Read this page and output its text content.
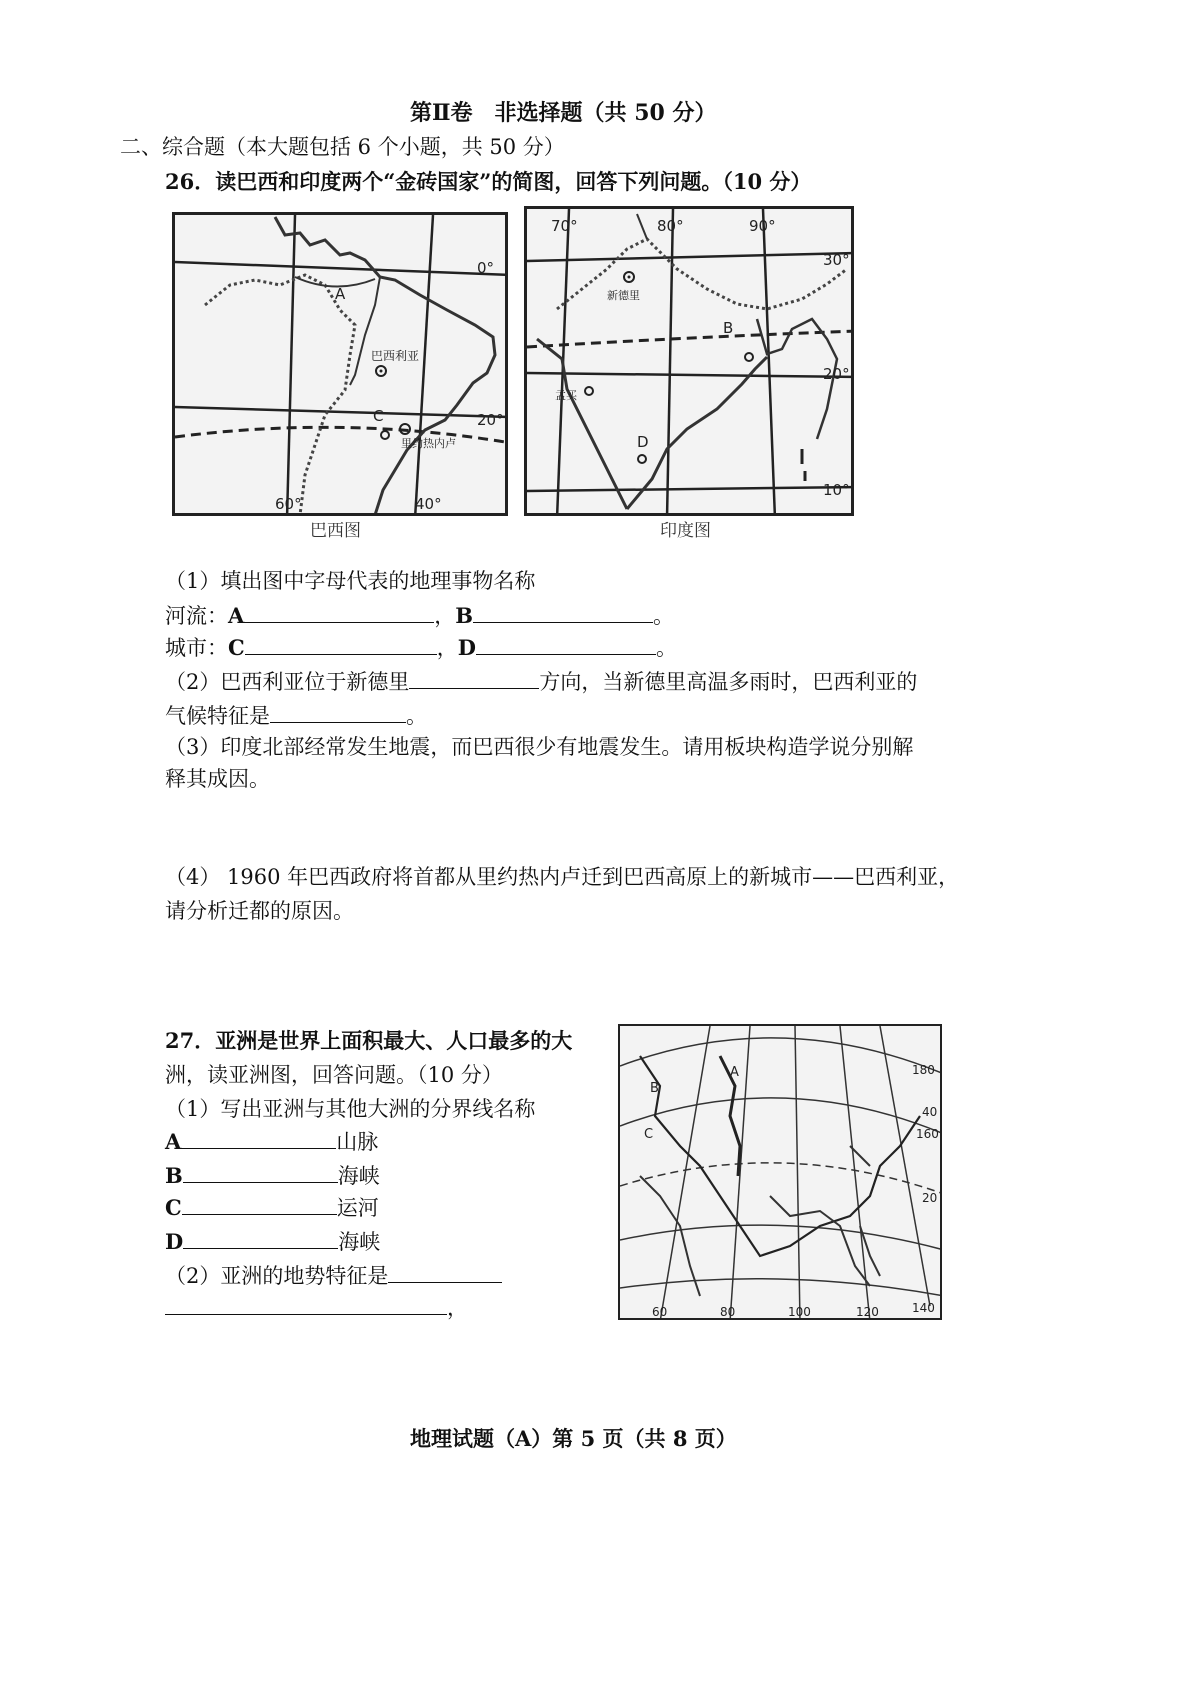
第Ⅱ卷　非选择题（共 50 分）
二、综合题（本大题包括 6 个小题，共 50 分）
26．读巴西和印度两个“金砖国家”的简图，回答下列问题。（10 分）
A
C
巴西利亚
里约热内卢
0°
20°
60°	40°
巴西图
B
D
新德里
孟买
70°	80°	90°
30°
20°
10°
印度图
（1）填出图中字母代表的地理事物名称
河流：A	，B	。
城市：C	，D	。
（2）巴西利亚位于新德里	方向，当新德里高温多雨时，巴西利亚的
气候特征是	。
（3）印度北部经常发生地震，而巴西很少有地震发生。请用板块构造学说分别解
释其成因。
（4） 1960 年巴西政府将首都从里约热内卢迁到巴西高原上的新城市——巴西利亚，
请分析迁都的原因。
27．亚洲是世界上面积最大、人口最多的大
洲，读亚洲图，回答问题。（10 分）
（1）写出亚洲与其他大洲的分界线名称
A	山脉
B	海峡
C	运河
D	海峡
（2）亚洲的地势特征是
，
A
B
C
60	80	100	120	140
160
180
40
20
地理试题（A）第 5 页（共 8 页）
